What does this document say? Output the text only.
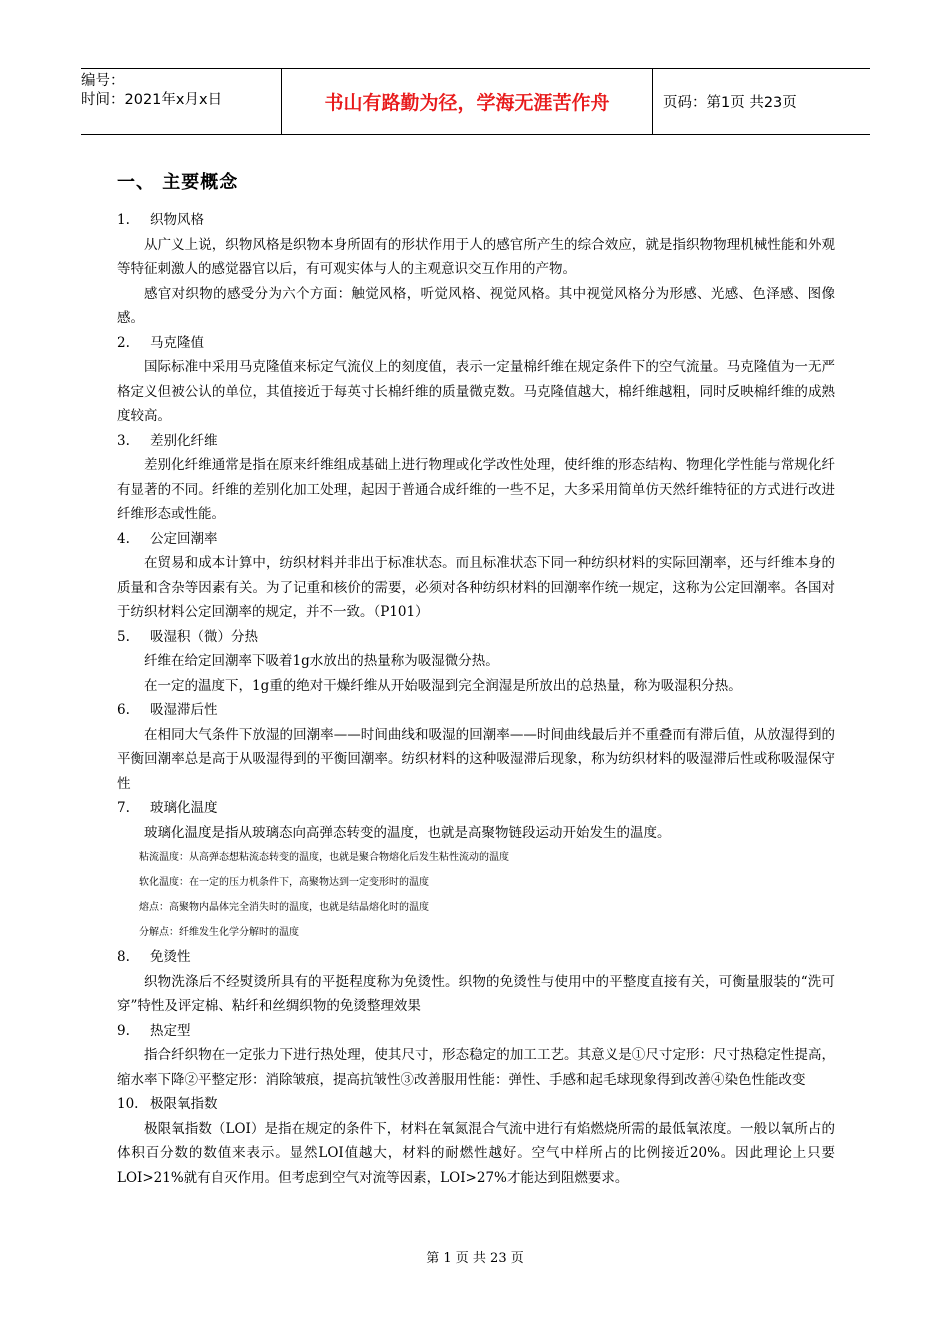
编号：
时间：2021年x月x日	书山有路勤为径，学海无涯苦作舟	页码：第1页 共23页
一、 主要概念
1.	织物风格
从广义上说，织物风格是织物本身所固有的形状作用于人的感官所产生的综合效应，就是指织物物理机械性能和外观等特征刺激人的感觉器官以后，有可观实体与人的主观意识交互作用的产物。
感官对织物的感受分为六个方面：触觉风格，听觉风格、视觉风格。其中视觉风格分为形感、光感、色泽感、图像感。
2.	马克隆值
国际标准中采用马克隆值来标定气流仪上的刻度值，表示一定量棉纤维在规定条件下的空气流量。马克隆值为一无严格定义但被公认的单位，其值接近于每英寸长棉纤维的质量微克数。马克隆值越大，棉纤维越粗，同时反映棉纤维的成熟度较高。
3.	差别化纤维
差别化纤维通常是指在原来纤维组成基础上进行物理或化学改性处理，使纤维的形态结构、物理化学性能与常规化纤有显著的不同。纤维的差别化加工处理，起因于普通合成纤维的一些不足，大多采用简单仿天然纤维特征的方式进行改进纤维形态或性能。
4.	公定回潮率
在贸易和成本计算中，纺织材料并非出于标准状态。而且标准状态下同一种纺织材料的实际回潮率，还与纤维本身的质量和含杂等因素有关。为了记重和核价的需要，必须对各种纺织材料的回潮率作统一规定，这称为公定回潮率。各国对于纺织材料公定回潮率的规定，并不一致。（P101）
5.	吸湿积（微）分热
纤维在给定回潮率下吸着1g水放出的热量称为吸湿微分热。
在一定的温度下，1g重的绝对干燥纤维从开始吸湿到完全润湿是所放出的总热量，称为吸湿积分热。
6.	吸湿滞后性
在相同大气条件下放湿的回潮率——时间曲线和吸湿的回潮率——时间曲线最后并不重叠而有滞后值，从放湿得到的平衡回潮率总是高于从吸湿得到的平衡回潮率。纺织材料的这种吸湿滞后现象，称为纺织材料的吸湿滞后性或称吸湿保守性
7.	玻璃化温度
玻璃化温度是指从玻璃态向高弹态转变的温度，也就是高聚物链段运动开始发生的温度。
粘流温度：从高弹态想粘流态转变的温度，也就是聚合物熔化后发生粘性流动的温度
软化温度：在一定的压力机条件下，高聚物达到一定变形时的温度
熔点：高聚物内晶体完全消失时的温度，也就是结晶熔化时的温度
分解点：纤维发生化学分解时的温度
8.	免烫性
织物洗涤后不经熨烫所具有的平挺程度称为免烫性。织物的免烫性与使用中的平整度直接有关，可衡量服装的“洗可穿”特性及评定棉、粘纤和丝绸织物的免烫整理效果
9.	热定型
指合纤织物在一定张力下进行热处理，使其尺寸，形态稳定的加工工艺。其意义是①尺寸定形：尺寸热稳定性提高，缩水率下降②平整定形：消除皱痕，提高抗皱性③改善服用性能：弹性、手感和起毛球现象得到改善④染色性能改变
10. 极限氧指数
极限氧指数（LOI）是指在规定的条件下，材料在氧氮混合气流中进行有焰燃烧所需的最低氧浓度。一般以氧所占的体积百分数的数值来表示。显然LOI值越大，材料的耐燃性越好。空气中样所占的比例接近20%。因此理论上只要LOI>21%就有自灭作用。但考虑到空气对流等因素，LOI>27%才能达到阻燃要求。
第 1 页 共 23 页
